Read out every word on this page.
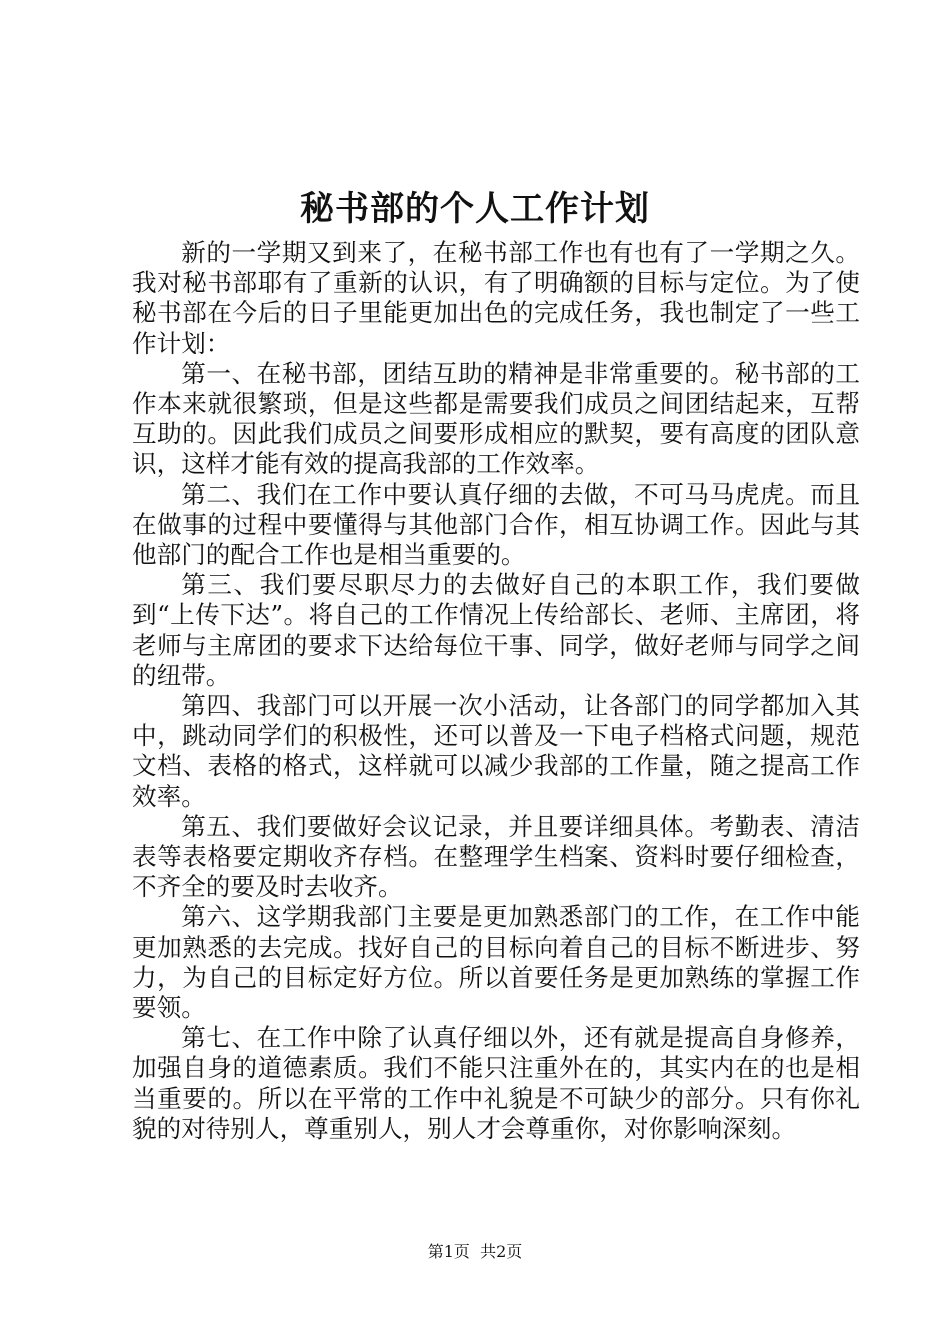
秘书部的个人工作计划

新的一学期又到来了，在秘书部工作也有也有了一学期之久。我对秘书部耶有了重新的认识，有了明确额的目标与定位。为了使秘书部在今后的日子里能更加出色的完成任务，我也制定了一些工作计划：

第一、在秘书部，团结互助的精神是非常重要的。秘书部的工作本来就很繁琐，但是这些都是需要我们成员之间团结起来，互帮互助的。因此我们成员之间要形成相应的默契，要有高度的团队意识，这样才能有效的提高我部的工作效率。

第二、我们在工作中要认真仔细的去做，不可马马虎虎。而且在做事的过程中要懂得与其他部门合作，相互协调工作。因此与其他部门的配合工作也是相当重要的。

第三、我们要尽职尽力的去做好自己的本职工作，我们要做到“上传下达”。将自己的工作情况上传给部长、老师、主席团，将老师与主席团的要求下达给每位干事、同学，做好老师与同学之间的纽带。

第四、我部门可以开展一次小活动，让各部门的同学都加入其中，跳动同学们的积极性，还可以普及一下电子档格式问题，规范文档、表格的格式，这样就可以减少我部的工作量，随之提高工作效率。

第五、我们要做好会议记录，并且要详细具体。考勤表、清洁表等表格要定期收齐存档。在整理学生档案、资料时要仔细检查，不齐全的要及时去收齐。

第六、这学期我部门主要是更加熟悉部门的工作，在工作中能更加熟悉的去完成。找好自己的目标向着自己的目标不断进步、努力，为自己的目标定好方位。所以首要任务是更加熟练的掌握工作要领。

第七、在工作中除了认真仔细以外，还有就是提高自身修养，加强自身的道德素质。我们不能只注重外在的，其实内在的也是相当重要的。所以在平常的工作中礼貌是不可缺少的部分。只有你礼貌的对待别人，尊重别人，别人才会尊重你，对你影响深刻。

第1页 共2页
